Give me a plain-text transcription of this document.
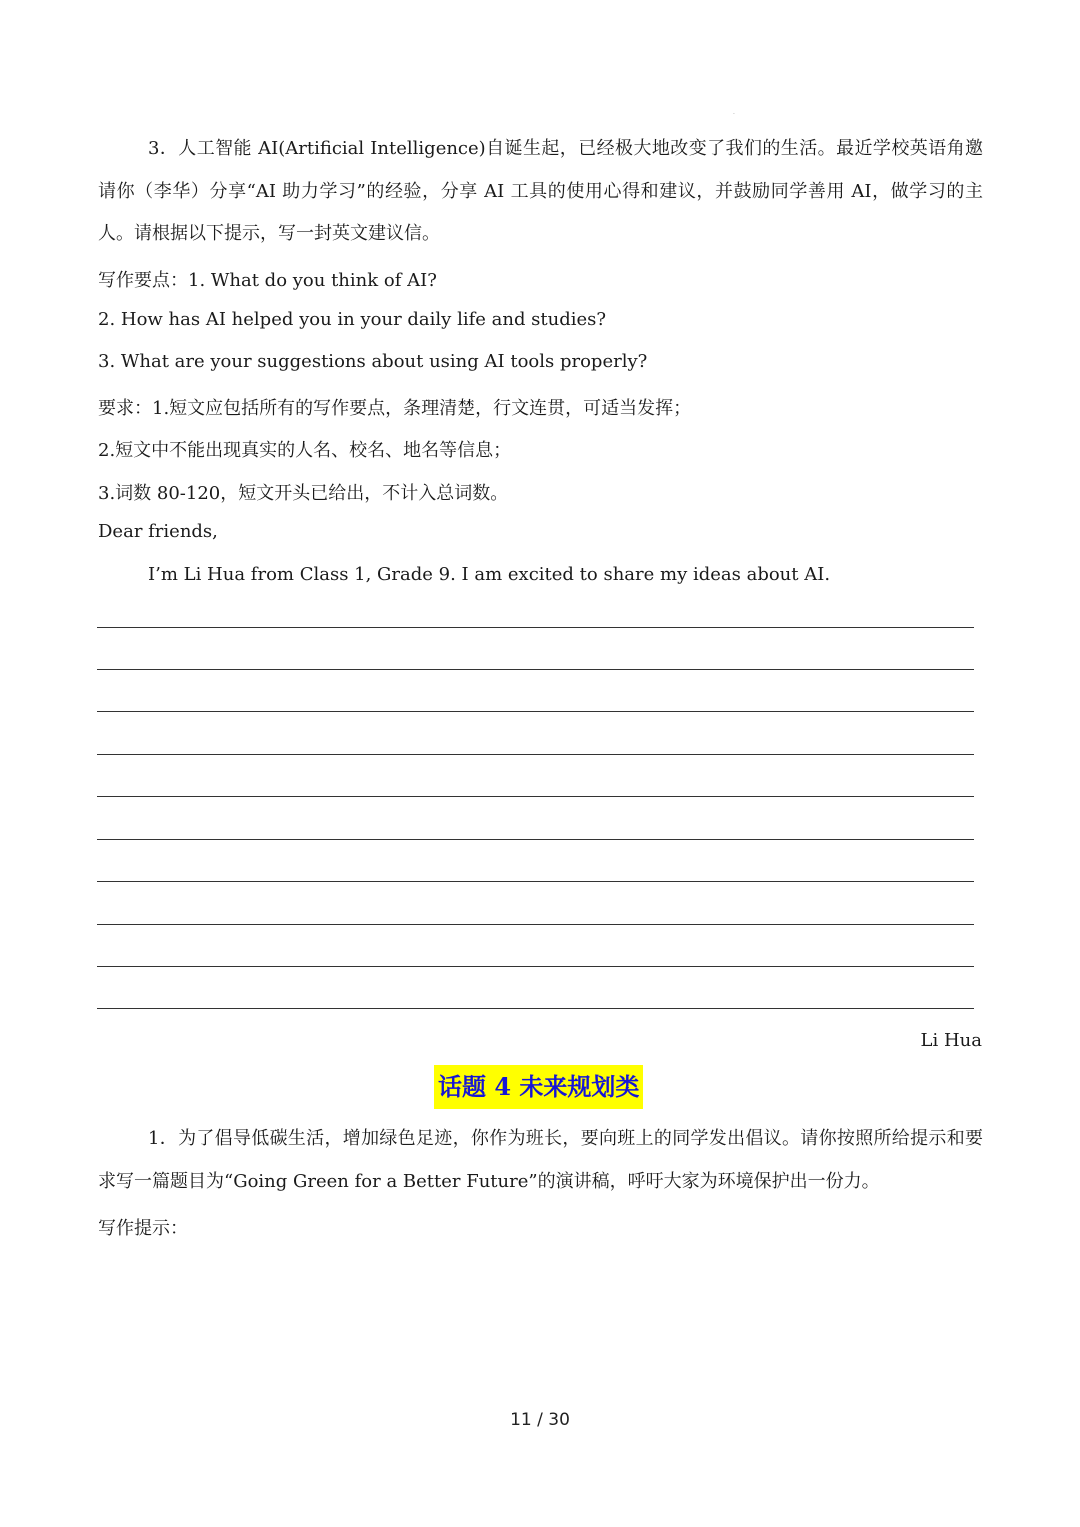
·

3．人工智能 AI(Artificial Intelligence)自诞生起，已经极大地改变了我们的生活。最近学校英语角邀请你（李华）分享“AI 助力学习”的经验，分享 AI 工具的使用心得和建议，并鼓励同学善用 AI，做学习的主人。请根据以下提示，写一封英文建议信。

写作要点：1. What do you think of AI?
2. How has AI helped you in your daily life and studies?
3. What are your suggestions about using AI tools properly?
要求：1.短文应包括所有的写作要点，条理清楚，行文连贯，可适当发挥；
2.短文中不能出现真实的人名、校名、地名等信息；
3.词数 80-120，短文开头已给出，不计入总词数。
Dear friends,
I’m Li Hua from Class 1, Grade 9. I am excited to share my ideas about AI.
Li Hua
话题 4 未来规划类

1．为了倡导低碳生活，增加绿色足迹，你作为班长，要向班上的同学发出倡议。请你按照所给提示和要求写一篇题目为“Going Green for a Better Future”的演讲稿，呼吁大家为环境保护出一份力。

写作提示：
11 / 30
